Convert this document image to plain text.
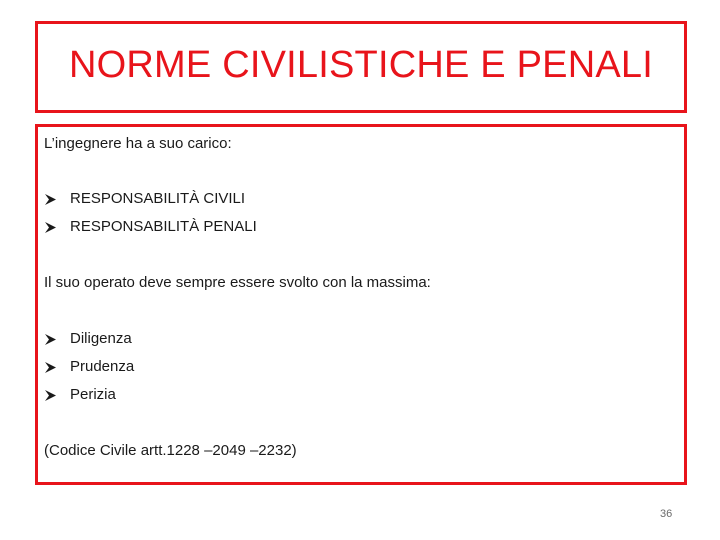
NORME CIVILISTICHE E PENALI
L’ingegnere ha a suo carico:
RESPONSABILITÀ CIVILI
RESPONSABILITÀ PENALI
Il suo operato deve sempre essere svolto con la massima:
Diligenza
Prudenza
Perizia
(Codice Civile artt.1228 –2049 –2232)
36
